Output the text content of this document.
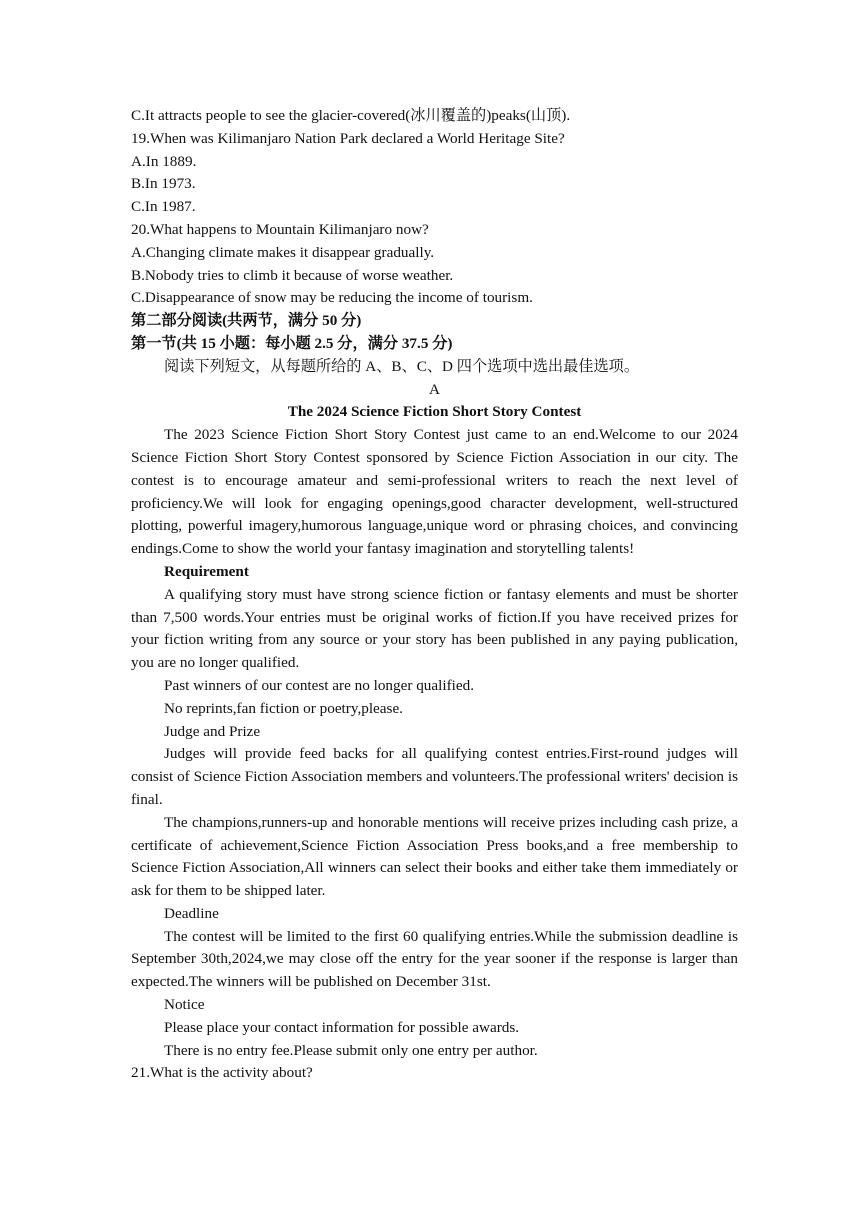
C.It attracts people to see the glacier-covered(冰川覆盖的)peaks(山顶).
19.When was Kilimanjaro Nation Park declared a World Heritage Site?
A.In 1889.
B.In 1973.
C.In 1987.
20.What happens to Mountain Kilimanjaro now?
A.Changing climate makes it disappear gradually.
B.Nobody tries to climb it because of worse weather.
C.Disappearance of snow may be reducing the income of tourism.
第二部分阅读(共两节，满分 50 分)
第一节(共 15 小题：每小题 2.5 分，满分 37.5 分)
阅读下列短文，从每题所给的 A、B、C、D 四个选项中选出最佳选项。
A
The 2024 Science Fiction Short Story Contest
The 2023 Science Fiction Short Story Contest just came to an end.Welcome to our 2024 Science Fiction Short Story Contest sponsored by Science Fiction Association in our city. The contest is to encourage amateur and semi-professional writers to reach the next level of proficiency.We will look for engaging openings,good character development, well-structured plotting, powerful imagery,humorous language,unique word or phrasing choices, and convincing endings.Come to show the world your fantasy imagination and storytelling talents!
Requirement
A qualifying story must have strong science fiction or fantasy elements and must be shorter than 7,500 words.Your entries must be original works of fiction.If you have received prizes for your fiction writing from any source or your story has been published in any paying publication, you are no longer qualified.
Past winners of our contest are no longer qualified.
No reprints,fan fiction or poetry,please.
Judge and Prize
Judges will provide feed backs for all qualifying contest entries.First-round judges will consist of Science Fiction Association members and volunteers.The professional writers' decision is final.
The champions,runners-up and honorable mentions will receive prizes including cash prize, a certificate of achievement,Science Fiction Association Press books,and a free membership to Science Fiction Association,All winners can select their books and either take them immediately or ask for them to be shipped later.
Deadline
The contest will be limited to the first 60 qualifying entries.While the submission deadline is September 30th,2024,we may close off the entry for the year sooner if the response is larger than expected.The winners will be published on December 31st.
Notice
Please place your contact information for possible awards.
There is no entry fee.Please submit only one entry per author.
21.What is the activity about?
